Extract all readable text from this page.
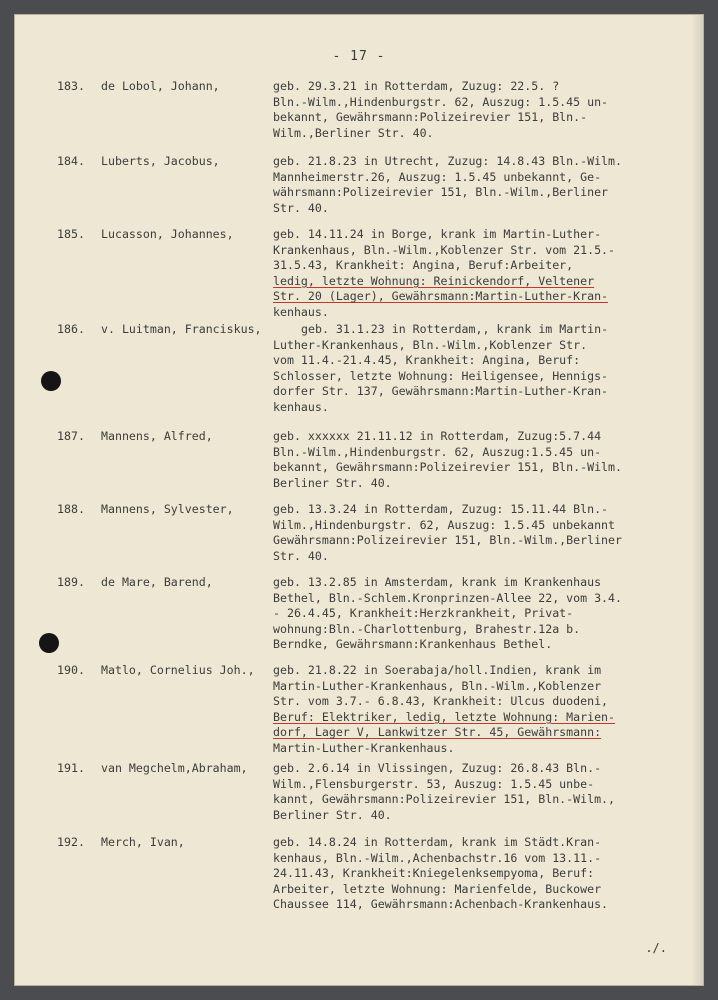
- 17 -
183.	de Lobol, Johann,	geb. 29.3.21 in Rotterdam, Zuzug: 22.5. ?
Bln.-Wilm.,Hindenburgstr. 62, Auszug: 1.5.45 un-
bekannt, Gewährsmann:Polizeirevier 151, Bln.-
Wilm.,Berliner Str. 40.
184.	Luberts, Jacobus,	geb. 21.8.23 in Utrecht, Zuzug: 14.8.43 Bln.-Wilm.
Mannheimerstr.26, Auszug: 1.5.45 unbekannt, Ge-
währsmann:Polizeirevier 151, Bln.-Wilm.,Berliner
Str. 40.
185.	Lucasson, Johannes,	geb. 14.11.24 in Borge, krank im Martin-Luther-
Krankenhaus, Bln.-Wilm.,Koblenzer Str. vom 21.5.-
31.5.43, Krankheit: Angina, Beruf:Arbeiter,
ledig, letzte Wohnung: Reinickendorf, Veltener
Str. 20 (Lager), Gewährsmann:Martin-Luther-Kran-
kenhaus.
186.	v. Luitman, Franciskus,	geb. 31.1.23 in Rotterdam,, krank im Martin-
Luther-Krankenhaus, Bln.-Wilm.,Koblenzer Str.
vom 11.4.-21.4.45, Krankheit: Angina, Beruf:
Schlosser, letzte Wohnung: Heiligensee, Hennigs-
dorfer Str. 137, Gewährsmann:Martin-Luther-Kran-
kenhaus.
187.	Mannens, Alfred,	geb. xxxxxx 21.11.12 in Rotterdam, Zuzug:5.7.44
Bln.-Wilm.,Hindenburgstr. 62, Auszug:1.5.45 un-
bekannt, Gewährsmann:Polizeirevier 151, Bln.-Wilm.
Berliner Str. 40.
188.	Mannens, Sylvester,	geb. 13.3.24 in Rotterdam, Zuzug: 15.11.44 Bln.-
Wilm.,Hindenburgstr. 62, Auszug: 1.5.45 unbekannt
Gewährsmann:Polizeirevier 151, Bln.-Wilm.,Berliner
Str. 40.
189.	de Mare, Barend,	geb. 13.2.85 in Amsterdam, krank im Krankenhaus
Bethel, Bln.-Schlem.Kronprinzen-Allee 22, vom 3.4.
- 26.4.45, Krankheit:Herzkrankheit, Privat-
wohnung:Bln.-Charlottenburg, Brahestr.12a b.
Berndke, Gewährsmann:Krankenhaus Bethel.
190.	Matlo, Cornelius Joh., geb. 21.8.22 in Soerabaja/holl.Indien, krank im
Martin-Luther-Krankenhaus, Bln.-Wilm.,Koblenzer
Str. vom 3.7.- 6.8.43, Krankheit: Ulcus duodeni,
Beruf: Elektriker, ledig, letzte Wohnung: Marien-
dorf, Lager V, Lankwitzer Str. 45, Gewährsmann:
Martin-Luther-Krankenhaus.
191.	van Megchelm,Abraham, geb. 2.6.14 in Vlissingen, Zuzug: 26.8.43 Bln.-
Wilm.,Flensburgerstr. 53, Auszug: 1.5.45 unbe-
kannt, Gewährsmann:Polizeirevier 151, Bln.-Wilm.,
Berliner Str. 40.
192.	Merch, Ivan,	geb. 14.8.24 in Rotterdam, krank im Städt.Kran-
kenhaus, Bln.-Wilm.,Achenbachstr.16 vom 13.11.-
24.11.43, Krankheit:Kniegelenksempyoma, Beruf:
Arbeiter, letzte Wohnung: Marienfelde, Buckower
Chaussee 114, Gewährsmann:Achenbach-Krankenhaus.
./.
